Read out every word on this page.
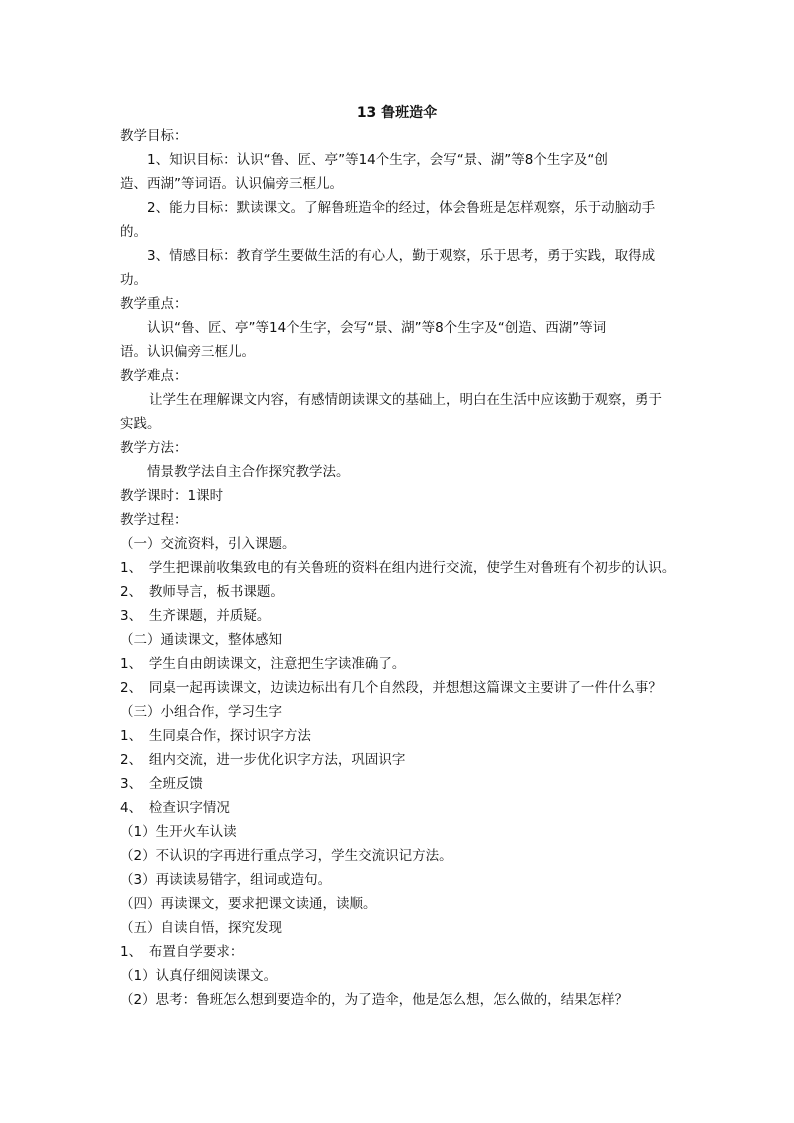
13 鲁班造伞
教学目标：
1、知识目标：认识“鲁、匠、亭”等14个生字，会写“景、湖”等8个生字及“创
造、西湖”等词语。认识偏旁三框儿。
2、能力目标：默读课文。了解鲁班造伞的经过，体会鲁班是怎样观察，乐于动脑动手
的。
3、情感目标：教育学生要做生活的有心人，勤于观察，乐于思考，勇于实践，取得成
功。
教学重点：
认识“鲁、匠、亭”等14个生字，会写“景、湖”等8个生字及“创造、西湖”等词
语。认识偏旁三框儿。
教学难点：
让学生在理解课文内容，有感情朗读课文的基础上，明白在生活中应该勤于观察，勇于
实践。
教学方法：
情景教学法自主合作探究教学法。
教学课时：1课时
教学过程：
（一）交流资料，引入课题。
1、　学生把课前收集致电的有关鲁班的资料在组内进行交流，使学生对鲁班有个初步的认识。
2、　教师导言，板书课题。
3、　生齐课题，并质疑。
（二）通读课文，整体感知
1、　学生自由朗读课文，注意把生字读准确了。
2、　同桌一起再读课文，边读边标出有几个自然段，并想想这篇课文主要讲了一件什么事？
（三）小组合作，学习生字
1、　生同桌合作，探讨识字方法
2、　组内交流，进一步优化识字方法，巩固识字
3、　全班反馈
4、　检查识字情况
（1）生开火车认读
（2）不认识的字再进行重点学习，学生交流识记方法。
（3）再读读易错字，组词或造句。
（四）再读课文，要求把课文读通，读顺。
（五）自读自悟，探究发现
1、　布置自学要求：
（1）认真仔细阅读课文。
（2）思考：鲁班怎么想到要造伞的，为了造伞，他是怎么想，怎么做的，结果怎样？
